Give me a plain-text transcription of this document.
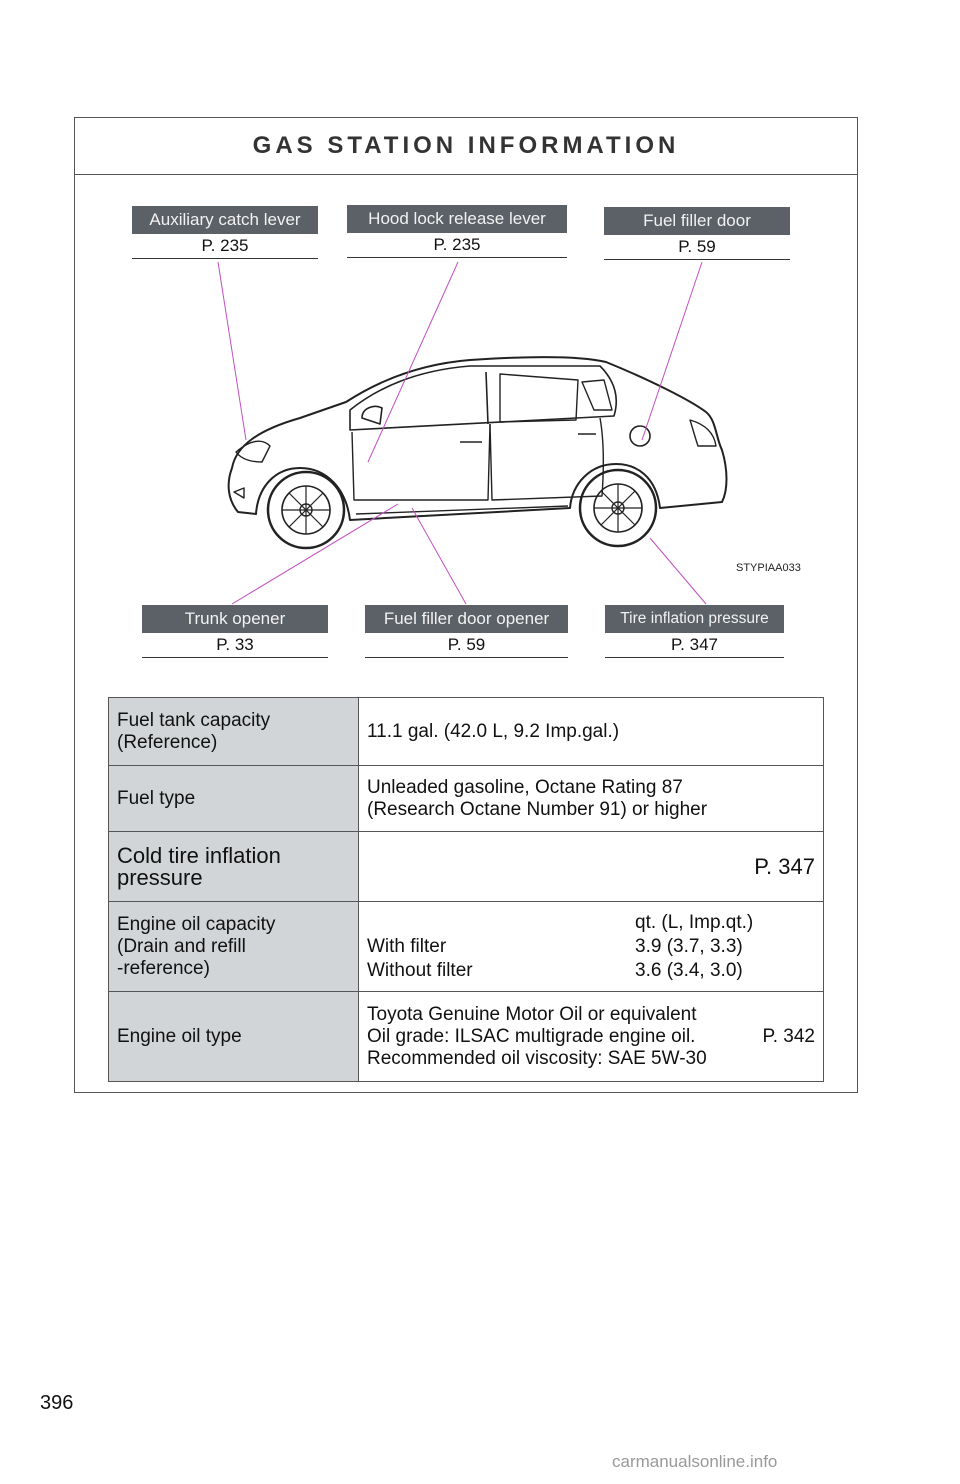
GAS STATION INFORMATION
STYPIAA033
Auxiliary catch lever
P. 235
Hood lock release lever
P. 235
Fuel filler door
P. 59
Trunk opener
P. 33
Fuel filler door opener
P. 59
Tire inflation pressure
P. 347
Fuel tank capacity
(Reference)	11.1 gal. (42.0 L, 9.2 Imp.gal.)
Fuel type	Unleaded gasoline, Octane Rating 87
(Research Octane Number 91) or higher
Cold tire inflation
pressure	P. 347
Engine oil capacity
(Drain and refill
-reference)	qt. (L, Imp.qt.)
With filter 3.9 (3.7, 3.3)
Without filter 3.6 (3.4, 3.0)

Engine oil type	Toyota Genuine Motor Oil or equivalent
Oil grade: ILSAC multigrade engine oil. P. 342
Recommended oil viscosity: SAE 5W-30
396
carmanualsonline.info
